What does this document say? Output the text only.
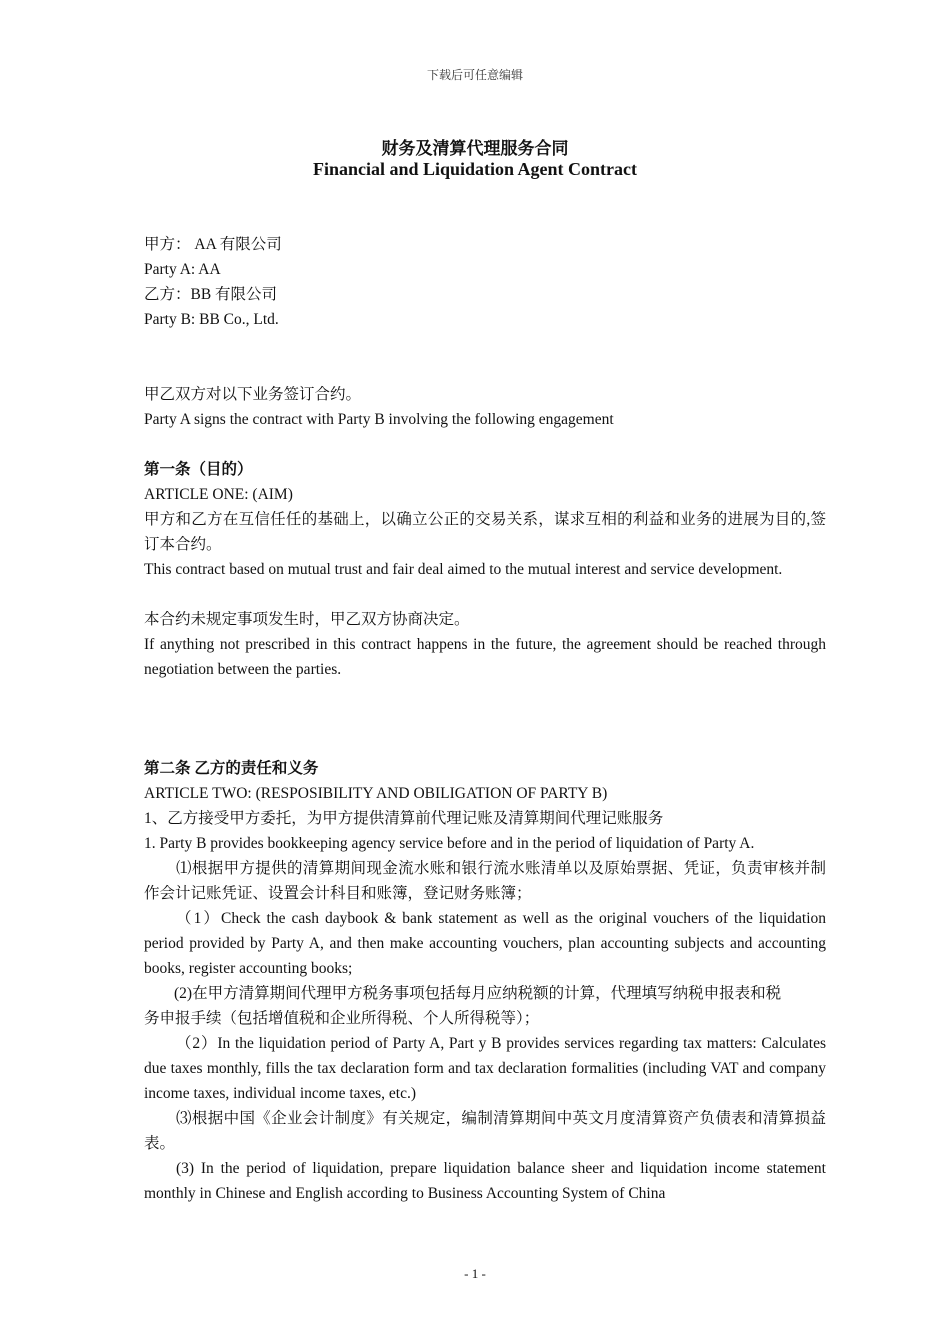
下载后可任意编辑
财务及清算代理服务合同
Financial and Liquidation Agent Contract

甲方： AA 有限公司

Party A: AA

乙方：BB 有限公司

Party B: BB Co., Ltd.

甲乙双方对以下业务签订合约。

Party A signs the contract with Party B involving the following engagement

第一条（目的）

ARTICLE ONE: (AIM)

甲方和乙方在互信任任的基础上，以确立公正的交易关系，谋求互相的利益和业务的进展为目的,签订本合约。

This contract based on mutual trust and fair deal aimed to the mutual interest and service development.

本合约未规定事项发生时，甲乙双方协商决定。

If anything not prescribed in this contract happens in the future, the agreement should be reached through negotiation between the parties.

第二条 乙方的责任和义务

ARTICLE TWO: (RESPOSIBILITY AND OBILIGATION OF PARTY B)

1、乙方接受甲方委托，为甲方提供清算前代理记账及清算期间代理记账服务

1. Party B provides bookkeeping agency service before and in the period of liquidation of Party A.

⑴根据甲方提供的清算期间现金流水账和银行流水账清单以及原始票据、凭证，负责审核并制作会计记账凭证、设置会计科目和账簿，登记财务账簿；

（1）Check the cash daybook & bank statement as well as the original vouchers of the liquidation period provided by Party A, and then make accounting vouchers, plan accounting subjects and accounting books, register accounting books;

(2)在甲方清算期间代理甲方税务事项包括每月应纳税额的计算，代理填写纳税申报表和税

务申报手续（包括增值税和企业所得税、个人所得税等）；

（2）In the liquidation period of Party A, Part y B provides services regarding tax matters: Calculates due taxes monthly, fills the tax declaration form and tax declaration formalities (including VAT and company income taxes, individual income taxes, etc.)

⑶根据中国《企业会计制度》有关规定，编制清算期间中英文月度清算资产负债表和清算损益表。

(3) In the period of liquidation, prepare liquidation balance sheer and liquidation income statement monthly in Chinese and English according to Business Accounting System of China

- 1 -
